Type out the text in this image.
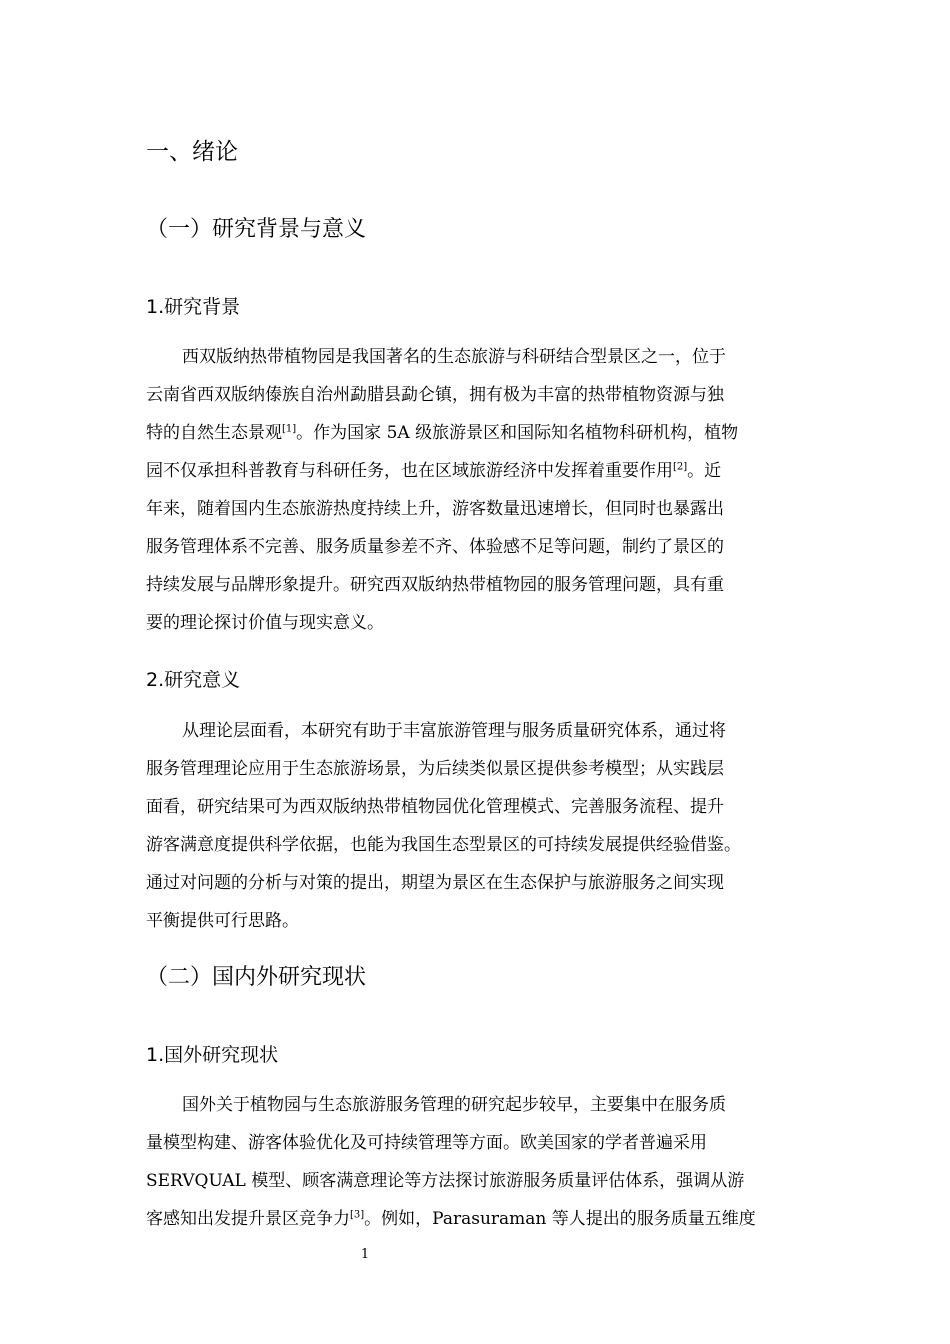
一、绪论
（一）研究背景与意义
1.研究背景
西双版纳热带植物园是我国著名的生态旅游与科研结合型景区之一，位于
云南省西双版纳傣族自治州勐腊县勐仑镇，拥有极为丰富的热带植物资源与独
特的自然生态景观[1]。作为国家 5A 级旅游景区和国际知名植物科研机构，植物
园不仅承担科普教育与科研任务，也在区域旅游经济中发挥着重要作用[2]。近
年来，随着国内生态旅游热度持续上升，游客数量迅速增长，但同时也暴露出
服务管理体系不完善、服务质量参差不齐、体验感不足等问题，制约了景区的
持续发展与品牌形象提升。研究西双版纳热带植物园的服务管理问题，具有重
要的理论探讨价值与现实意义。
2.研究意义
从理论层面看，本研究有助于丰富旅游管理与服务质量研究体系，通过将
服务管理理论应用于生态旅游场景，为后续类似景区提供参考模型；从实践层
面看，研究结果可为西双版纳热带植物园优化管理模式、完善服务流程、提升
游客满意度提供科学依据，也能为我国生态型景区的可持续发展提供经验借鉴。
通过对问题的分析与对策的提出，期望为景区在生态保护与旅游服务之间实现
平衡提供可行思路。
（二）国内外研究现状
1.国外研究现状
国外关于植物园与生态旅游服务管理的研究起步较早，主要集中在服务质
量模型构建、游客体验优化及可持续管理等方面。欧美国家的学者普遍采用
SERVQUAL 模型、顾客满意理论等方法探讨旅游服务质量评估体系，强调从游
客感知出发提升景区竞争力[3]。例如，Parasuraman 等人提出的服务质量五维度
1
